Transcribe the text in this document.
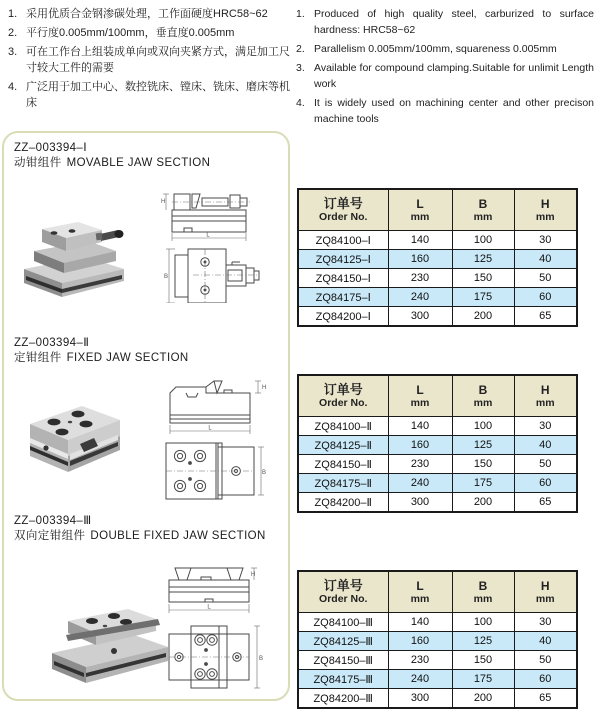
1. 采用优质合金钢渗碳处理，工作面硬度HRC58~62
2. 平行度0.005mm/100mm，垂直度0.005mm
3. 可在工作台上组装成单向或双向夹紧方式，满足加工尺寸较大工件的需要
4. 广泛用于加工中心、数控铣床、镗床、铣床、磨床等机床
1. Produced of high quality steel, carburized to surface hardness: HRC58~62
2. Parallelism 0.005mm/100mm, squareness 0.005mm
3. Available for compound clamping.Suitable for unlimit Length work
4. It is widely used on machining center and other precison machine tools
ZZ–003394–Ⅰ
动钳组件 MOVABLE JAW SECTION
L
H
B
ZZ–003394–Ⅱ
定钳组件 FIXED JAW SECTION
L
H
B
ZZ–003394–Ⅲ
双向定钳组件 DOUBLE FIXED JAW SECTION
L
H
B
订单号
Order No.

L
mm

B
mm

H
mm

ZQ84100–Ⅰ	140	100	30
ZQ84125–Ⅰ	160	125	40
ZQ84150–Ⅰ	230	150	50
ZQ84175–Ⅰ	240	175	60
ZQ84200–Ⅰ	300	200	65
订单号
Order No.

L
mm

B
mm

H
mm

ZQ84100–Ⅱ	140	100	30
ZQ84125–Ⅱ	160	125	40
ZQ84150–Ⅱ	230	150	50
ZQ84175–Ⅱ	240	175	60
ZQ84200–Ⅱ	300	200	65
订单号
Order No.

L
mm

B
mm

H
mm

ZQ84100–Ⅲ	140	100	30
ZQ84125–Ⅲ	160	125	40
ZQ84150–Ⅲ	230	150	50
ZQ84175–Ⅲ	240	175	60
ZQ84200–Ⅲ	300	200	65
